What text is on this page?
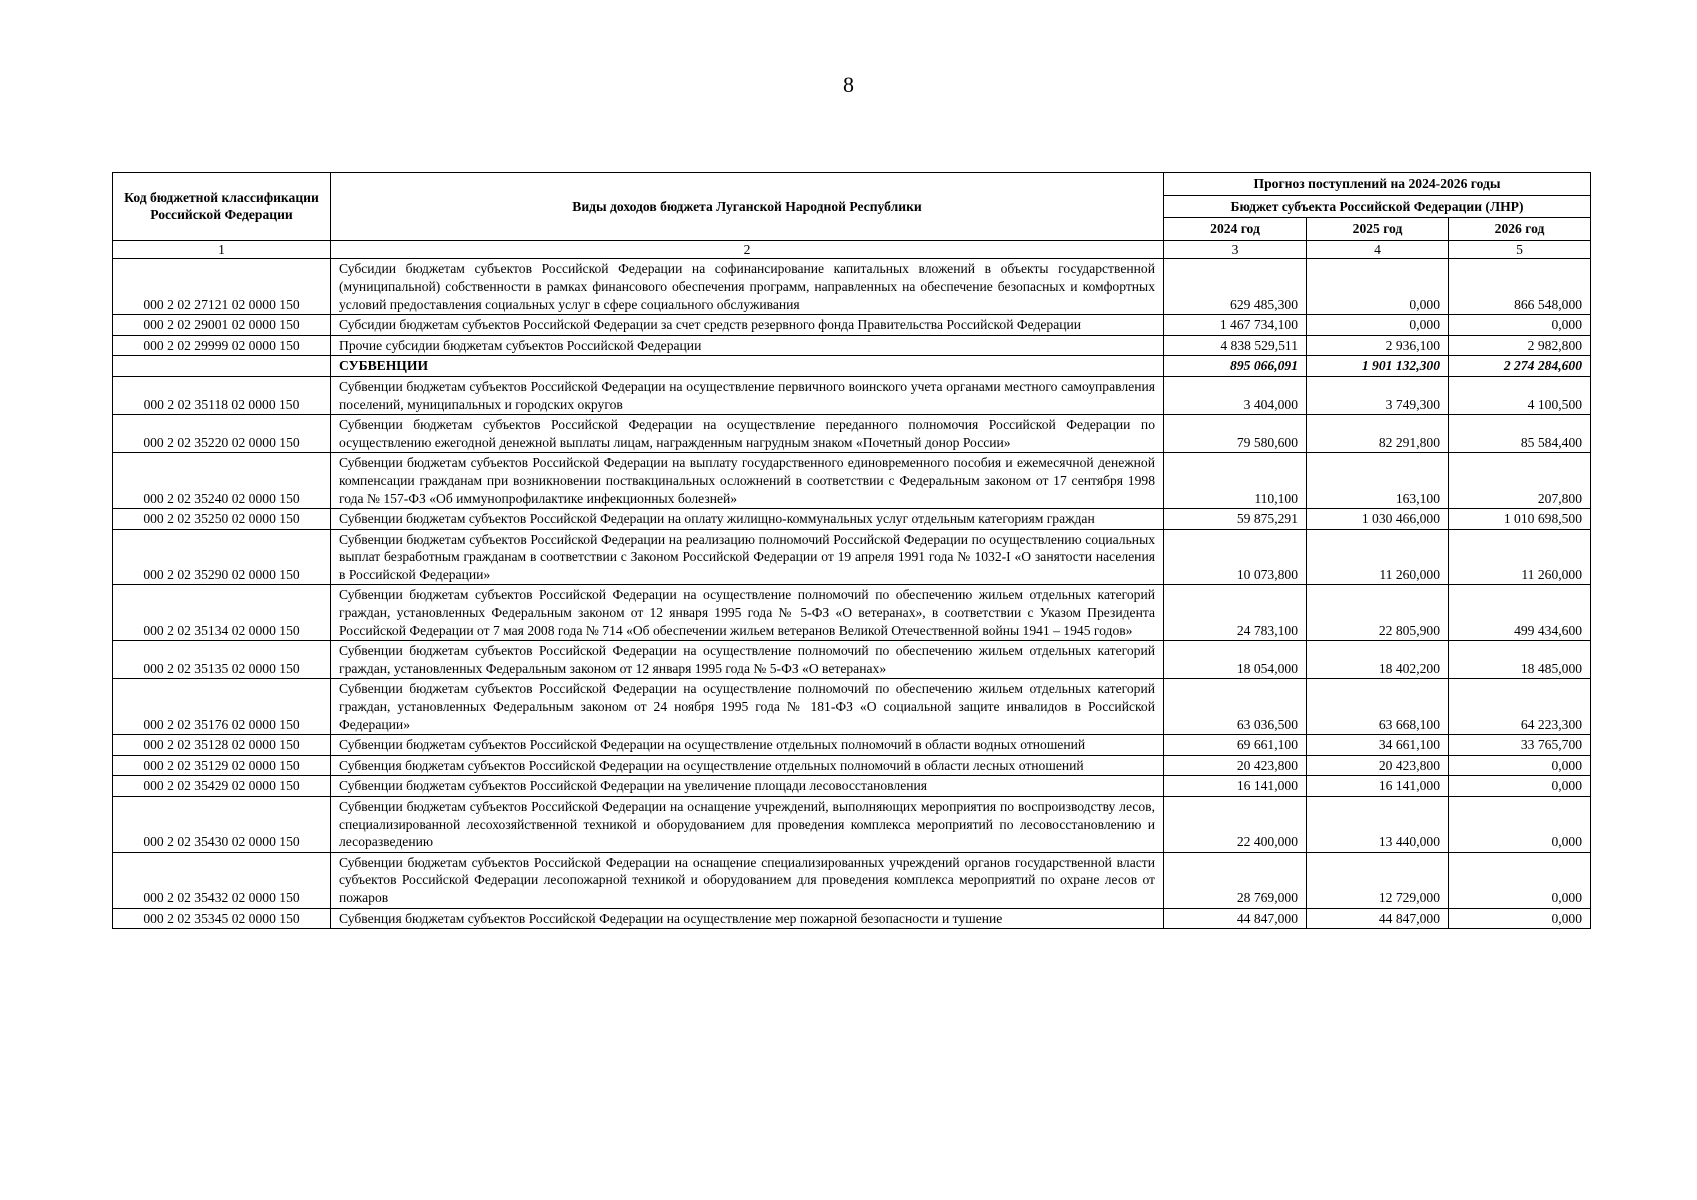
8
Код бюджетной классификации Российской Федерации	Виды доходов бюджета Луганской Народной Республики	Прогноз поступлений на 2024-2026 годы		
		Бюджет субъекта Российской Федерации (ЛНР)		
		2024 год	2025 год	2026 год
1	2	3	4	5
000 2 02 27121 02 0000 150	Субсидии бюджетам субъектов Российской Федерации на софинансирование капитальных вложений в объекты государственной (муниципальной) собственности в рамках финансового обеспечения программ, направленных на обеспечение безопасных и комфортных условий предоставления социальных услуг в сфере социального обслуживания	629 485,300	0,000	866 548,000
000 2 02 29001 02 0000 150	Субсидии бюджетам субъектов Российской Федерации за счет средств резервного фонда Правительства Российской Федерации	1 467 734,100	0,000	0,000
000 2 02 29999 02 0000 150	Прочие субсидии бюджетам субъектов Российской Федерации	4 838 529,511	2 936,100	2 982,800
	СУБВЕНЦИИ	895 066,091	1 901 132,300	2 274 284,600
000 2 02 35118 02 0000 150	Субвенции бюджетам субъектов Российской Федерации на осуществление первичного воинского учета органами местного самоуправления поселений, муниципальных и городских округов	3 404,000	3 749,300	4 100,500
000 2 02 35220 02 0000 150	Субвенции бюджетам субъектов Российской Федерации на осуществление переданного полномочия Российской Федерации по осуществлению ежегодной денежной выплаты лицам, награжденным нагрудным знаком «Почетный донор России»	79 580,600	82 291,800	85 584,400
000 2 02 35240 02 0000 150	Субвенции бюджетам субъектов Российской Федерации на выплату государственного единовременного пособия и ежемесячной денежной компенсации гражданам при возникновении поствакцинальных осложнений в соответствии с Федеральным законом от 17 сентября 1998 года № 157-ФЗ «Об иммунопрофилактике инфекционных болезней»	110,100	163,100	207,800
000 2 02 35250 02 0000 150	Субвенции бюджетам субъектов Российской Федерации на оплату жилищно-коммунальных услуг отдельным категориям граждан	59 875,291	1 030 466,000	1 010 698,500
000 2 02 35290 02 0000 150	Субвенции бюджетам субъектов Российской Федерации на реализацию полномочий Российской Федерации по осуществлению социальных выплат безработным гражданам в соответствии с Законом Российской Федерации от 19 апреля 1991 года № 1032-I «О занятости населения в Российской Федерации»	10 073,800	11 260,000	11 260,000
000 2 02 35134 02 0000 150	Субвенции бюджетам субъектов Российской Федерации на осуществление полномочий по обеспечению жильем отдельных категорий граждан, установленных Федеральным законом от 12 января 1995 года № 5-ФЗ «О ветеранах», в соответствии с Указом Президента Российской Федерации от 7 мая 2008 года № 714 «Об обеспечении жильем ветеранов Великой Отечественной войны 1941 – 1945 годов»	24 783,100	22 805,900	499 434,600
000 2 02 35135 02 0000 150	Субвенции бюджетам субъектов Российской Федерации на осуществление полномочий по обеспечению жильем отдельных категорий граждан, установленных Федеральным законом от 12 января 1995 года № 5-ФЗ «О ветеранах»	18 054,000	18 402,200	18 485,000
000 2 02 35176 02 0000 150	Субвенции бюджетам субъектов Российской Федерации на осуществление полномочий по обеспечению жильем отдельных категорий граждан, установленных Федеральным законом от 24 ноября 1995 года № 181-ФЗ «О социальной защите инвалидов в Российской Федерации»	63 036,500	63 668,100	64 223,300
000 2 02 35128 02 0000 150	Субвенции бюджетам субъектов Российской Федерации на осуществление отдельных полномочий в области водных отношений	69 661,100	34 661,100	33 765,700
000 2 02 35129 02 0000 150	Субвенция бюджетам субъектов Российской Федерации на осуществление отдельных полномочий в области лесных отношений	20 423,800	20 423,800	0,000
000 2 02 35429 02 0000 150	Субвенции бюджетам субъектов Российской Федерации на увеличение площади лесовосстановления	16 141,000	16 141,000	0,000
000 2 02 35430 02 0000 150	Субвенции бюджетам субъектов Российской Федерации на оснащение учреждений, выполняющих мероприятия по воспроизводству лесов, специализированной лесохозяйственной техникой и оборудованием для проведения комплекса мероприятий по лесовосстановлению и лесоразведению	22 400,000	13 440,000	0,000
000 2 02 35432 02 0000 150	Субвенции бюджетам субъектов Российской Федерации на оснащение специализированных учреждений органов государственной власти субъектов Российской Федерации лесопожарной техникой и оборудованием для проведения комплекса мероприятий по охране лесов от пожаров	28 769,000	12 729,000	0,000
000 2 02 35345 02 0000 150	Субвенция бюджетам субъектов Российской Федерации на осуществление мер пожарной безопасности и тушение	44 847,000	44 847,000	0,000
